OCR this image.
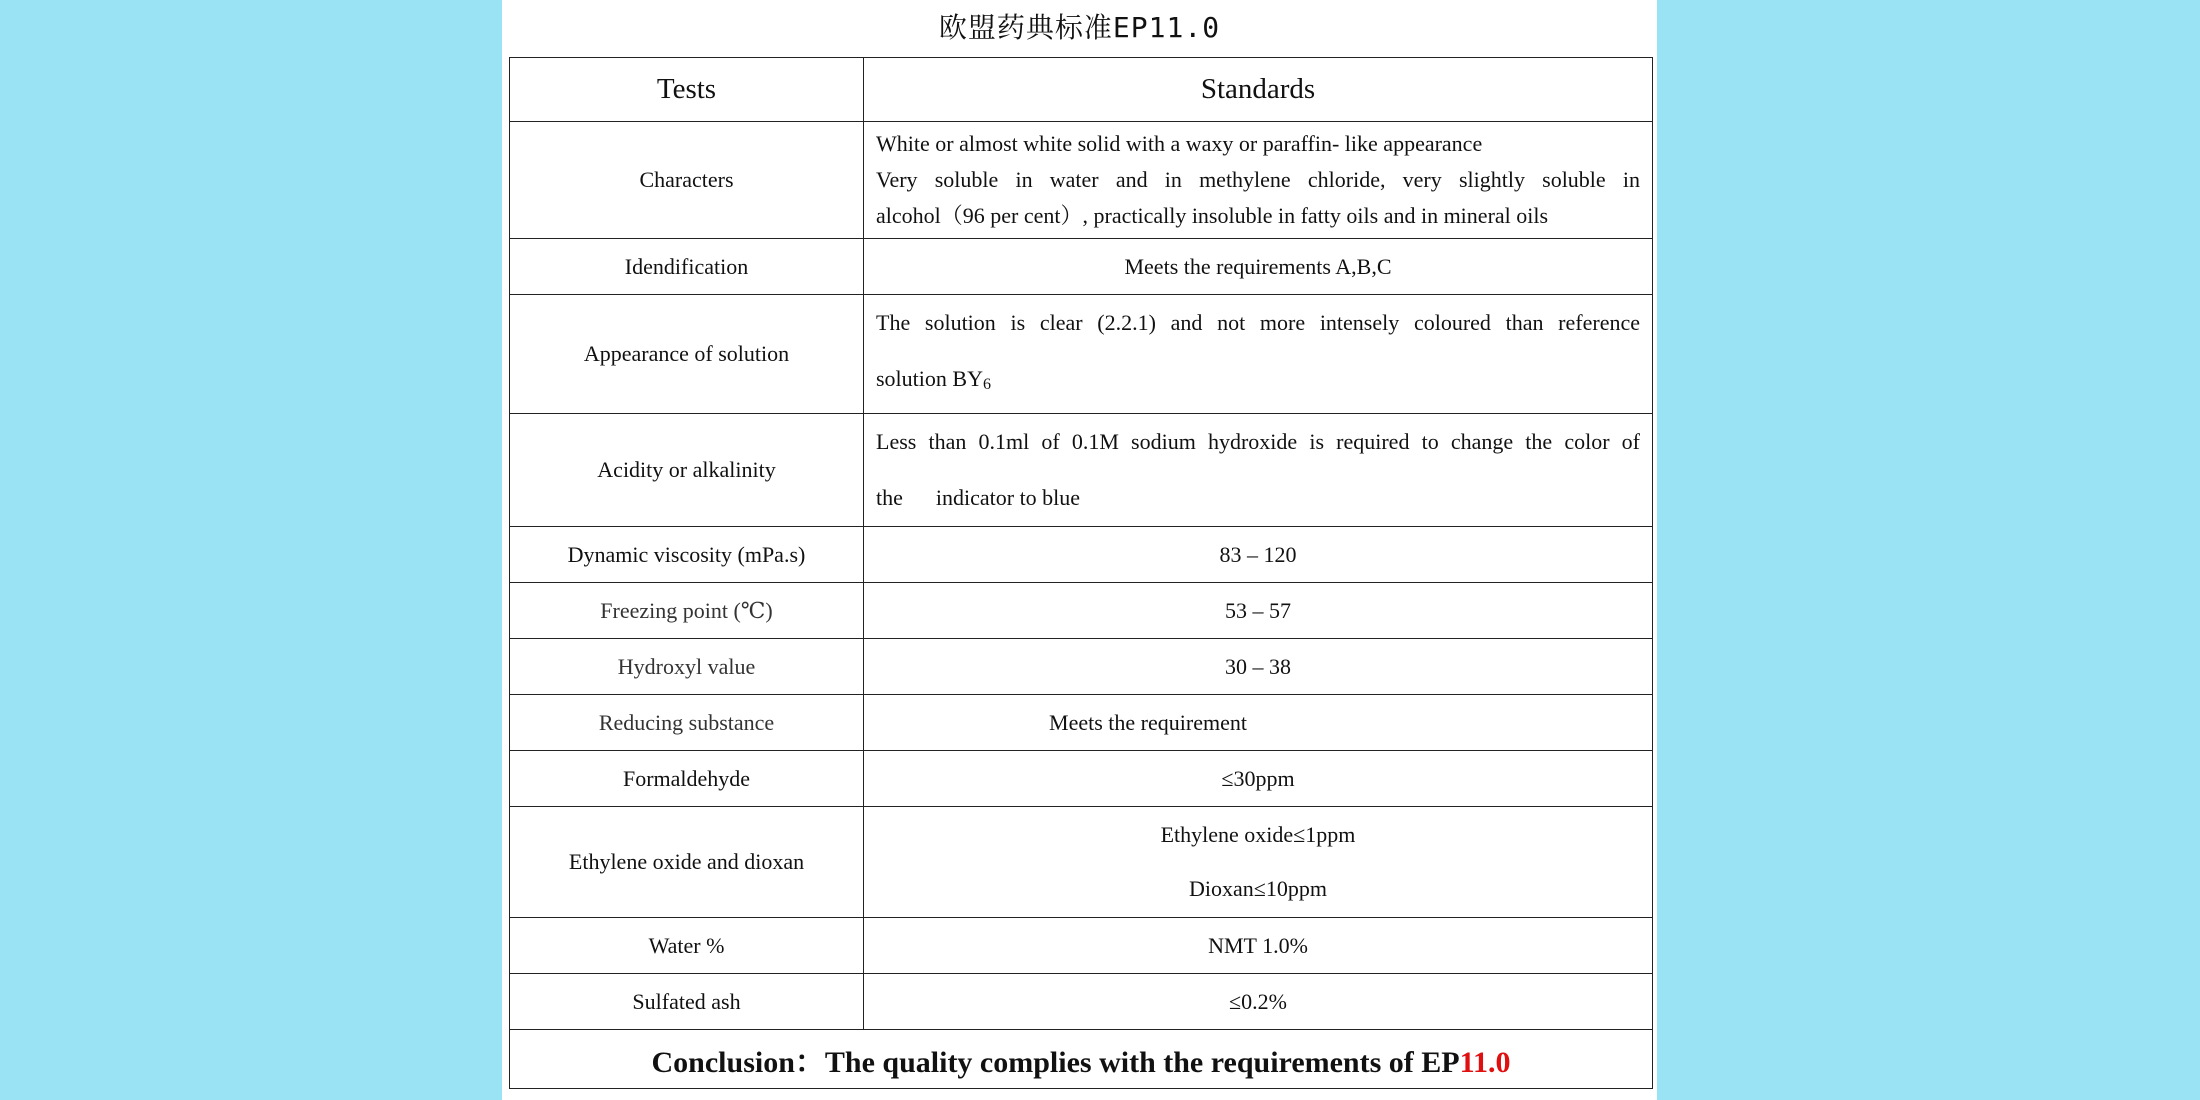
欧盟药典标准EP11.0
Tests	Standards
Characters	White or almost white solid with a waxy or paraffin- like appearance
Very soluble in water and in methylene chloride, very slightly soluble in
alcohol（96 per cent）, practically insoluble in fatty oils and in mineral oils

Idendification	Meets the requirements A,B,C
Appearance of solution	The solution is clear (2.2.1) and not more intensely coloured than reference
solution BY6

Acidity or alkalinity	Less than 0.1ml of 0.1M sodium hydroxide is required to change the color of
the      indicator to blue

Dynamic viscosity (mPa.s)	83 – 120
Freezing point (℃)	53 – 57
Hydroxyl value	30 – 38
Reducing substance	Meets the requirement
Formaldehyde	≤30ppm
Ethylene oxide and dioxan	Ethylene oxide≤1ppm
Dioxan≤10ppm

Water %	NMT 1.0%
Sulfated ash	≤0.2%
Conclusion：The quality complies with the requirements of EP11.0	
